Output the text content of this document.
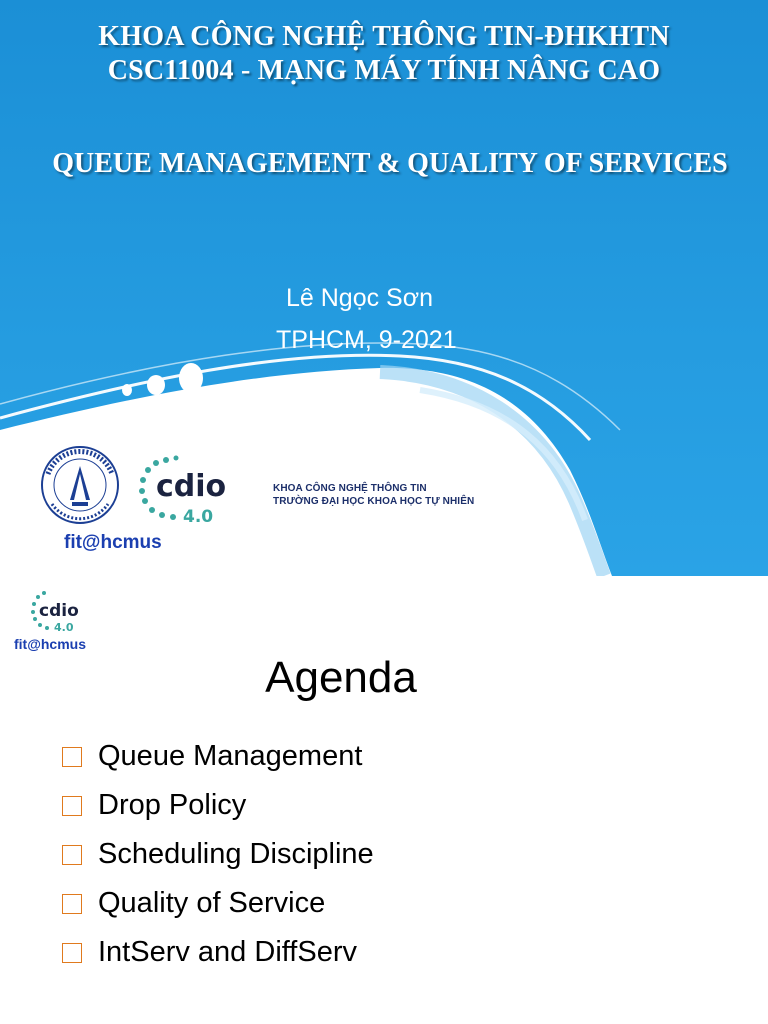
KHOA CÔNG NGHỆ THÔNG TIN-ĐHKHTN
CSC11004 - MẠNG MÁY TÍNH NÂNG CAO
QUEUE MANAGEMENT & QUALITY OF SERVICES
Lê Ngọc Sơn
TPHCM, 9-2021
cdio
4.0
KHOA CÔNG NGHỆ THÔNG TIN
TRƯỜNG ĐẠI HỌC KHOA HỌC TỰ NHIÊN
fit@hcmus
cdio
4.0
fit@hcmus
Agenda
Queue Management
Drop Policy
Scheduling Discipline
Quality of Service
IntServ and DiffServ
